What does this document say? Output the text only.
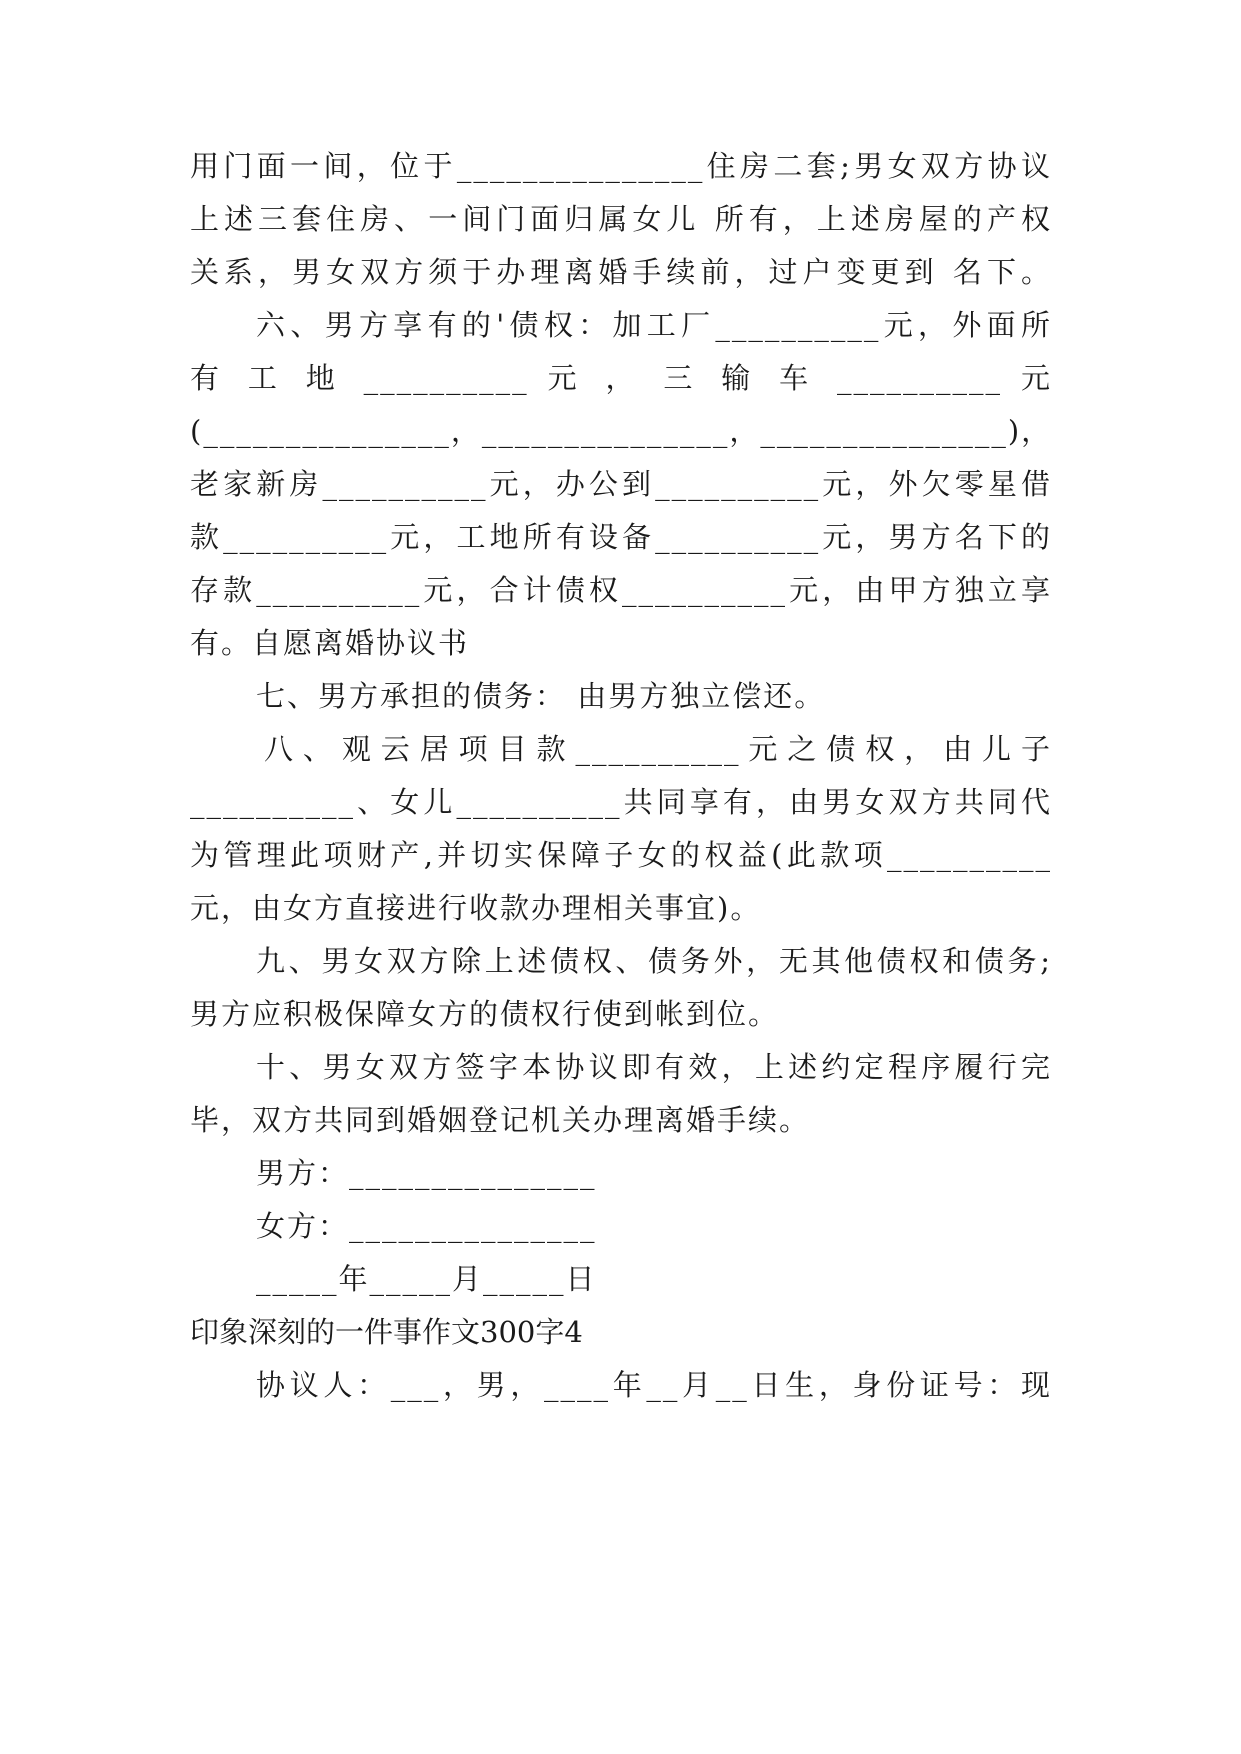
用门面一间，位于_______________住房二套;男女双方协议
上述三套住房、一间门面归属女儿 所有，上述房屋的产权
关系，男女双方须于办理离婚手续前，过户变更到 名下。
六、男方享有的'债权：加工厂__________元，外面所
有 工 地 __________ 元 ， 三 输 车 __________ 元
(_______________，_______________，_______________)，
老家新房__________元，办公到__________元，外欠零星借
款__________元，工地所有设备__________元，男方名下的
存款__________元，合计债权__________元，由甲方独立享
有。自愿离婚协议书
七、男方承担的债务： 由男方独立偿还。
八、观云居项目款__________元之债权，由儿子
__________、女儿__________共同享有，由男女双方共同代
为管理此项财产,并切实保障子女的权益(此款项__________
元，由女方直接进行收款办理相关事宜)。
九、男女双方除上述债权、债务外，无其他债权和债务;
男方应积极保障女方的债权行使到帐到位。
十、男女双方签字本协议即有效，上述约定程序履行完
毕，双方共同到婚姻登记机关办理离婚手续。
男方：_______________
女方：_______________
_____年_____月_____日
印象深刻的一件事作文300字4
协议人：___，男，____年__月__日生，身份证号：现
